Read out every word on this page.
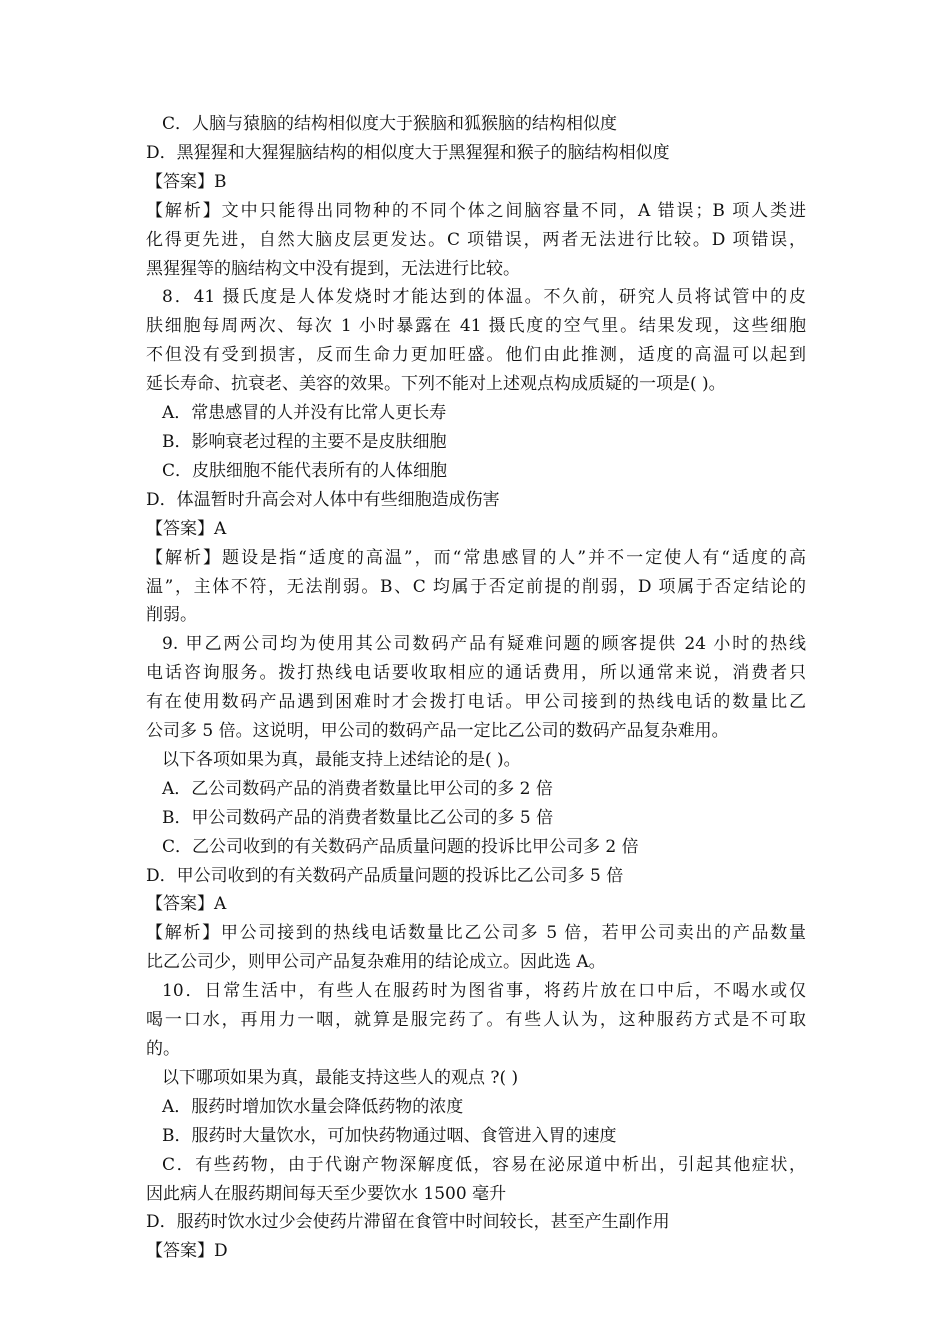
C．人脑与猿脑的结构相似度大于猴脑和狐猴脑的结构相似度
D．黑猩猩和大猩猩脑结构的相似度大于黑猩猩和猴子的脑结构相似度
【答案】B
【解析】文中只能得出同物种的不同个体之间脑容量不同，A 错误；B 项人类进
化得更先进，自然大脑皮层更发达。C 项错误，两者无法进行比较。D 项错误，
黑猩猩等的脑结构文中没有提到，无法进行比较。
8．41 摄氏度是人体发烧时才能达到的体温。不久前，研究人员将试管中的皮
肤细胞每周两次、每次 1 小时暴露在 41 摄氏度的空气里。结果发现，这些细胞
不但没有受到损害，反而生命力更加旺盛。他们由此推测，适度的高温可以起到
延长寿命、抗衰老、美容的效果。下列不能对上述观点构成质疑的一项是( )。
A．常患感冒的人并没有比常人更长寿
B．影响衰老过程的主要不是皮肤细胞
C．皮肤细胞不能代表所有的人体细胞
D．体温暂时升高会对人体中有些细胞造成伤害
【答案】A
【解析】题设是指“适度的高温”，而“常患感冒的人”并不一定使人有“适度的高
温”，主体不符，无法削弱。B、C 均属于否定前提的削弱，D 项属于否定结论的
削弱。
9. 甲乙两公司均为使用其公司数码产品有疑难问题的顾客提供 24 小时的热线
电话咨询服务。拨打热线电话要收取相应的通话费用，所以通常来说，消费者只
有在使用数码产品遇到困难时才会拨打电话。甲公司接到的热线电话的数量比乙
公司多 5 倍。这说明，甲公司的数码产品一定比乙公司的数码产品复杂难用。
以下各项如果为真，最能支持上述结论的是( )。
A．乙公司数码产品的消费者数量比甲公司的多 2 倍
B．甲公司数码产品的消费者数量比乙公司的多 5 倍
C．乙公司收到的有关数码产品质量问题的投诉比甲公司多 2 倍
D．甲公司收到的有关数码产品质量问题的投诉比乙公司多 5 倍
【答案】A
【解析】甲公司接到的热线电话数量比乙公司多 5 倍，若甲公司卖出的产品数量
比乙公司少，则甲公司产品复杂难用的结论成立。因此选 A。
10．日常生活中，有些人在服药时为图省事，将药片放在口中后，不喝水或仅
喝一口水，再用力一咽，就算是服完药了。有些人认为，这种服药方式是不可取
的。
以下哪项如果为真，最能支持这些人的观点 ?( )
A．服药时增加饮水量会降低药物的浓度
B．服药时大量饮水，可加快药物通过咽、食管进入胃的速度
C．有些药物，由于代谢产物深解度低，容易在泌尿道中析出，引起其他症状，
因此病人在服药期间每天至少要饮水 1500 毫升
D．服药时饮水过少会使药片滞留在食管中时间较长，甚至产生副作用
【答案】D
